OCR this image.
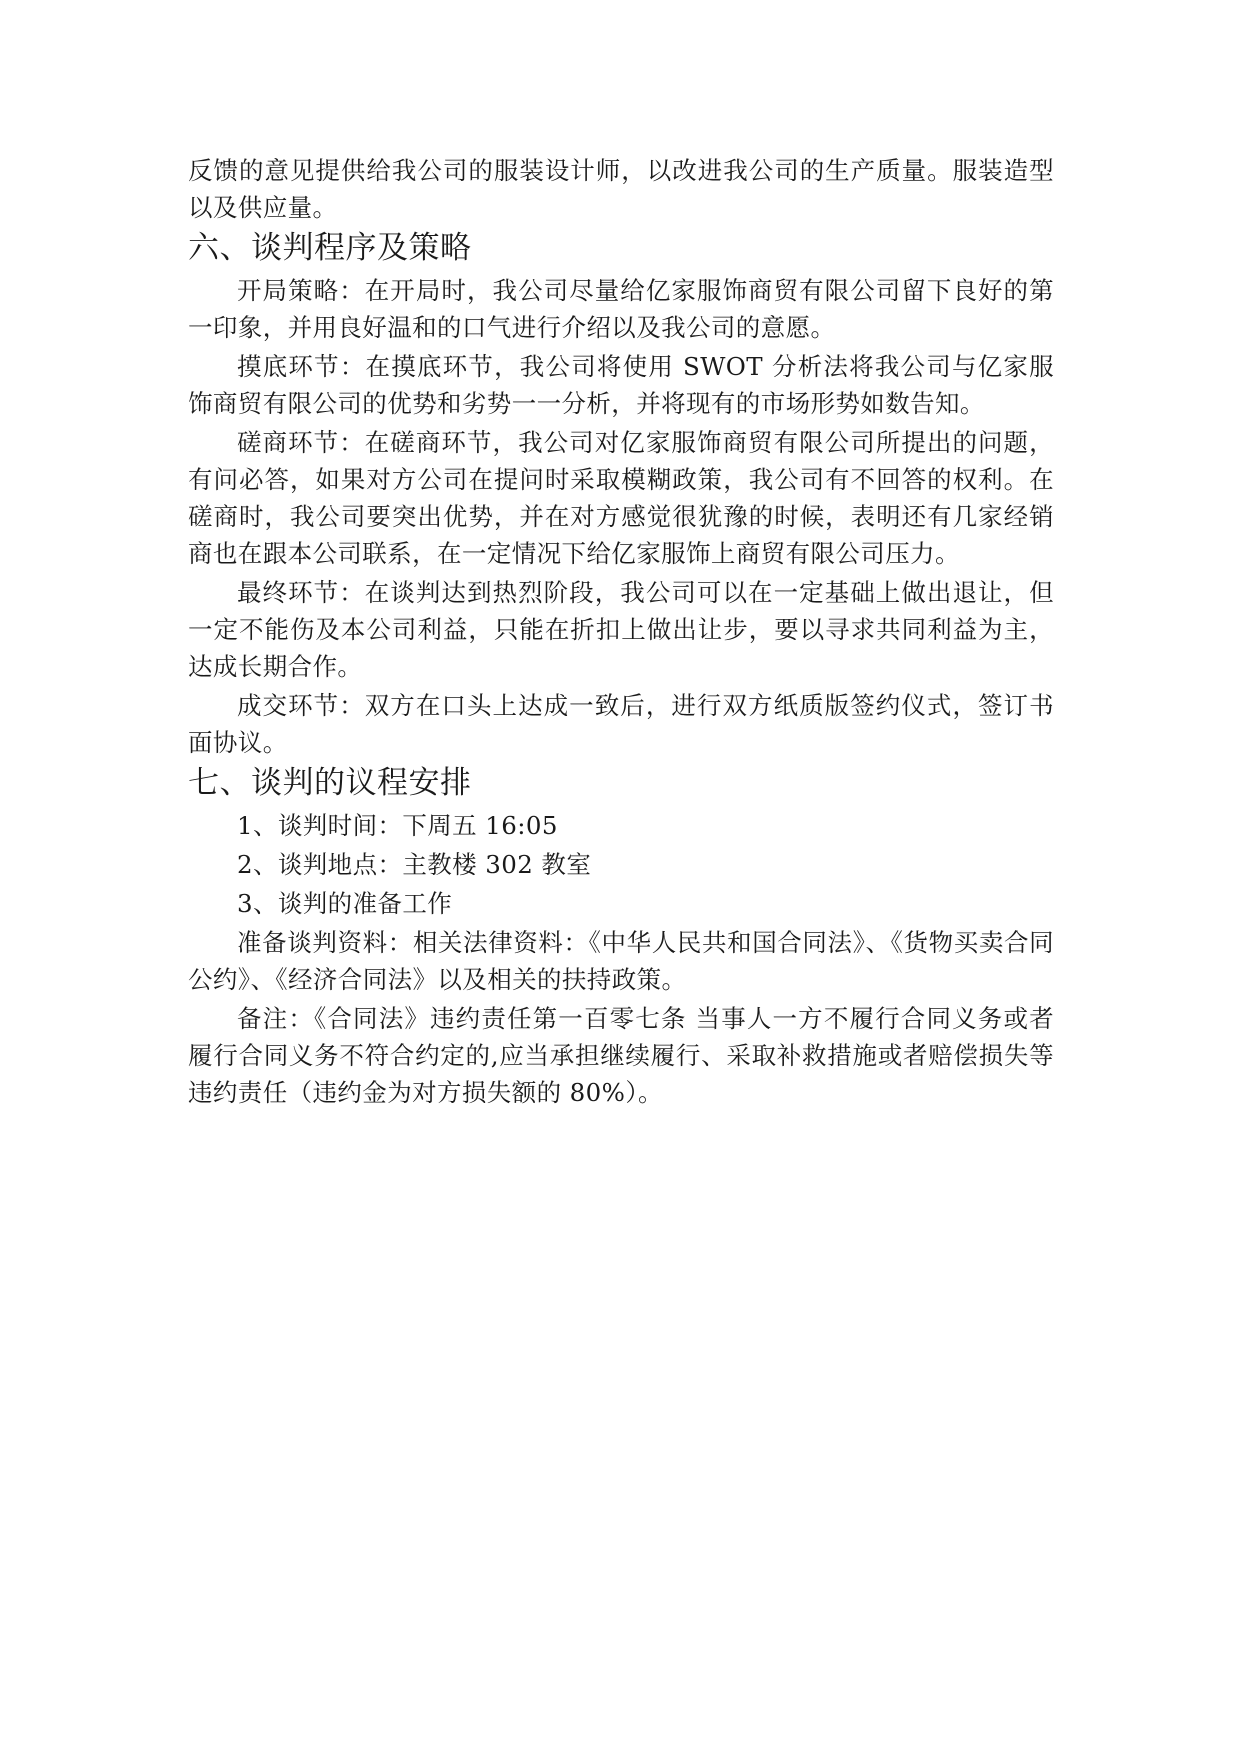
反馈的意见提供给我公司的服装设计师，以改进我公司的生产质量。服装造型以及供应量。

六、谈判程序及策略

开局策略：在开局时，我公司尽量给亿家服饰商贸有限公司留下良好的第一印象，并用良好温和的口气进行介绍以及我公司的意愿。

摸底环节：在摸底环节，我公司将使用 SWOT 分析法将我公司与亿家服饰商贸有限公司的优势和劣势一一分析，并将现有的市场形势如数告知。

磋商环节：在磋商环节，我公司对亿家服饰商贸有限公司所提出的问题，有问必答，如果对方公司在提问时采取模糊政策，我公司有不回答的权利。在磋商时，我公司要突出优势，并在对方感觉很犹豫的时候，表明还有几家经销商也在跟本公司联系，在一定情况下给亿家服饰上商贸有限公司压力。

最终环节：在谈判达到热烈阶段，我公司可以在一定基础上做出退让，但一定不能伤及本公司利益，只能在折扣上做出让步，要以寻求共同利益为主，达成长期合作。

成交环节：双方在口头上达成一致后，进行双方纸质版签约仪式，签订书面协议。

七、谈判的议程安排

1、谈判时间：下周五 16:05

2、谈判地点：主教楼 302 教室

3、谈判的准备工作

准备谈判资料：相关法律资料：《中华人民共和国合同法》、《货物买卖合同公约》、《经济合同法》以及相关的扶持政策。

备注：《合同法》违约责任第一百零七条 当事人一方不履行合同义务或者履行合同义务不符合约定的,应当承担继续履行、采取补救措施或者赔偿损失等违约责任（违约金为对方损失额的 80%）。
